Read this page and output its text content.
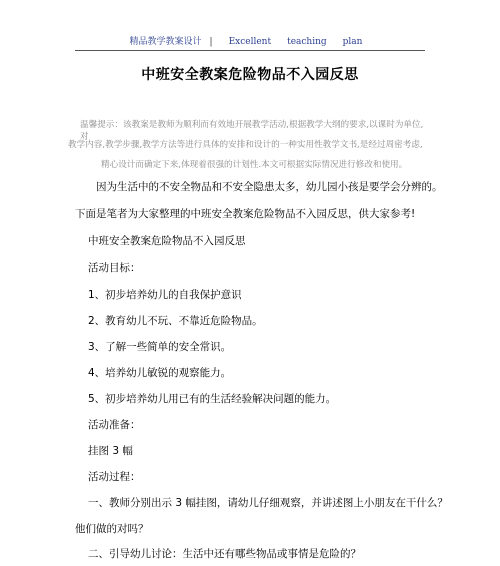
精品教学教案设计 | Excellent teaching plan
中班安全教案危险物品不入园反思
温馨提示：该教案是教师为顺利而有效地开展教学活动,根据教学大纲的要求,以课时为单位,对
教学内容,教学步骤,教学方法等进行具体的安排和设计的一种实用性教学文书,是经过周密考虑,
精心设计而确定下来,体现着很强的计划性.本文可根据实际情况进行修改和使用。
因为生活中的不安全物品和不安全隐患太多，幼儿园小孩是要学会分辨的。
下面是笔者为大家整理的中班安全教案危险物品不入园反思，供大家参考!
中班安全教案危险物品不入园反思
活动目标：
1、初步培养幼儿的自我保护意识
2、教育幼儿不玩、不靠近危险物品。
3、了解一些简单的安全常识。
4、培养幼儿敏锐的观察能力。
5、初步培养幼儿用已有的生活经验解决问题的能力。
活动准备：
挂图 3 幅
活动过程：
一、教师分别出示 3 幅挂图，请幼儿仔细观察，并讲述图上小朋友在干什么？
他们做的对吗？
二、引导幼儿讨论：生活中还有哪些物品或事情是危险的？
